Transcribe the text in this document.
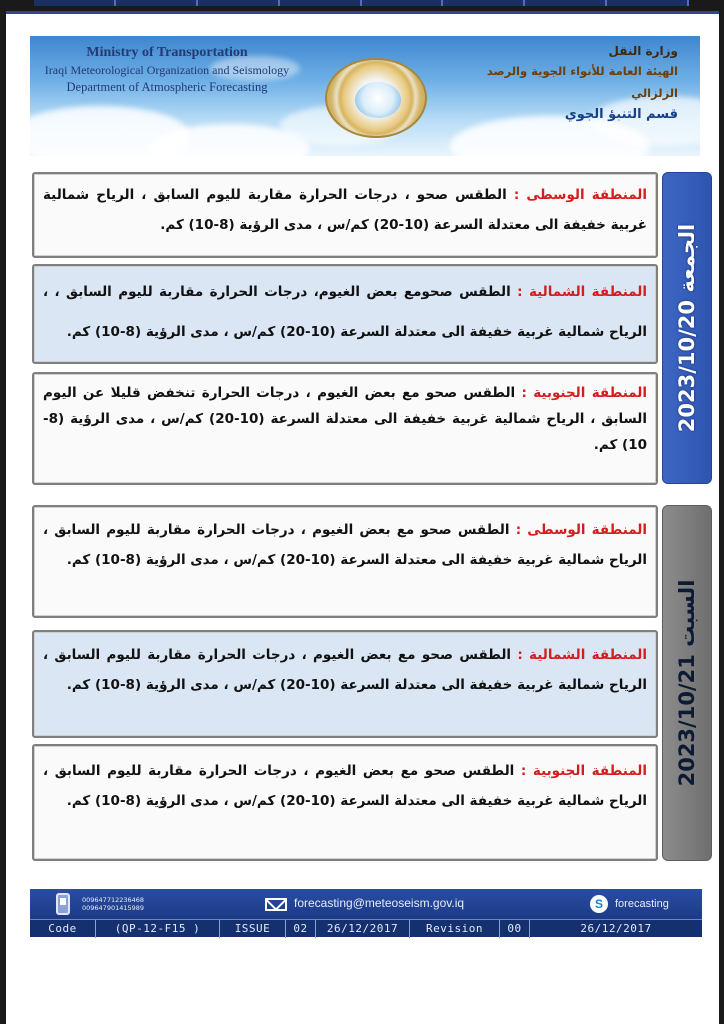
Ministry of Transportation
Iraqi Meteorological Organization and Seismology
Department of Atmospheric Forecasting
وزارة النقل
الهيئة العامة للأنواء الجوية والرصد الزلزالي
قسم التنبؤ الجوي
الجمعة 2023/10/20
المنطقة الوسطى : الطقس صحو ، درجات الحرارة مقاربة لليوم السابق ، الرياح شمالية غربية خفيفة الى معتدلة السرعة (10-20) كم/س ، مدى الرؤية (8-10) كم.
المنطقة الشمالية : الطقس صحومع بعض الغيوم، درجات الحرارة مقاربة لليوم السابق ، ، الرياح شمالية غربية خفيفة الى معتدلة السرعة (10-20) كم/س ، مدى الرؤية (8-10) كم.
المنطقة الجنوبية : الطقس صحو مع بعض الغيوم ، درجات الحرارة تنخفض قليلا عن اليوم السابق ، الرياح شمالية غربية خفيفة الى معتدلة السرعة (10-20) كم/س ، مدى الرؤية (8-10) كم.
السبت 2023/10/21
المنطقة الوسطى : الطقس صحو مع بعض الغيوم ، درجات الحرارة مقاربة لليوم السابق ، الرياح شمالية غربية خفيفة الى معتدلة السرعة (10-20) كم/س ، مدى الرؤية (8-10) كم.
المنطقة الشمالية : الطقس صحو مع بعض الغيوم ، درجات الحرارة مقاربة لليوم السابق ، الرياح شمالية غربية خفيفة الى معتدلة السرعة (10-20) كم/س ، مدى الرؤية (8-10) كم.
المنطقة الجنوبية : الطقس صحو مع بعض الغيوم ، درجات الحرارة مقاربة لليوم السابق ، الرياح شمالية غربية خفيفة الى معتدلة السرعة (10-20) كم/س ، مدى الرؤية (8-10) كم.
009647712236468
009647901415989	forecasting@meteoseism.gov.iq	S	forecasting
Code	(QP-12-F15 )	ISSUE	02	26/12/2017	Revision	00	26/12/2017
